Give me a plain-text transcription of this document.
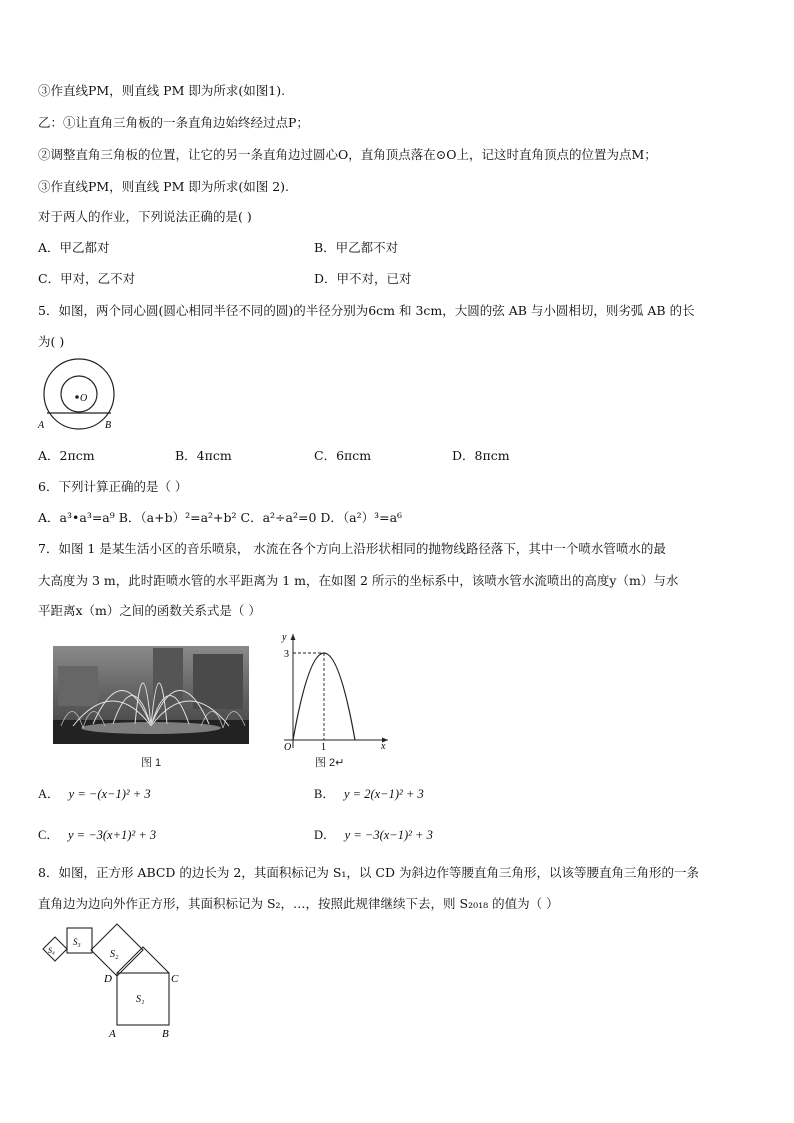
③作直线PM，则直线 PM 即为所求(如图1).
乙：①让直角三角板的一条直角边始终经过点P；
②调整直角三角板的位置，让它的另一条直角边过圆心O，直角顶点落在⊙O上，记这时直角顶点的位置为点M；
③作直线PM，则直线 PM 即为所求(如图 2).
对于两人的作业，下列说法正确的是( )
A．甲乙都对	B．甲乙都不对
C．甲对，乙不对	D．甲不对，已对
5．如图，两个同心圆(圆心相同半径不同的圆)的半径分别为6cm 和 3cm，大圆的弦 AB 与小圆相切，则劣弧 AB 的长
为( )
O
A	B
A．2πcm	B．4πcm	C．6πcm	D．8πcm
6．下列计算正确的是（ ）
A．a³•a³=a⁹ B．（a+b）²=a²+b² C．a²÷a²=0 D．（a²）³=a⁶
7．如图 1 是某生活小区的音乐喷泉， 水流在各个方向上沿形状相同的抛物线路径落下，其中一个喷水管喷水的最
大高度为 3 m，此时距喷水管的水平距离为 1 m，在如图 2 所示的坐标系中，该喷水管水流喷出的高度y（m）与水
平距离x（m）之间的函数关系式是（ ）
图 1
y
x
3
1
O
图 2↵
A． y = −(x−1)² + 3	B． y = 2(x−1)² + 3
C． y = −3(x+1)² + 3	D． y = −3(x−1)² + 3
8．如图，正方形 ABCD 的边长为 2，其面积标记为 S₁，以 CD 为斜边作等腰直角三角形，以该等腰直角三角形的一条
直角边为边向外作正方形，其面积标记为 S₂，…，按照此规律继续下去，则 S₂₀₁₈ 的值为（ ）
S₁
S₂
S₃
S₄
D	C
A	B
